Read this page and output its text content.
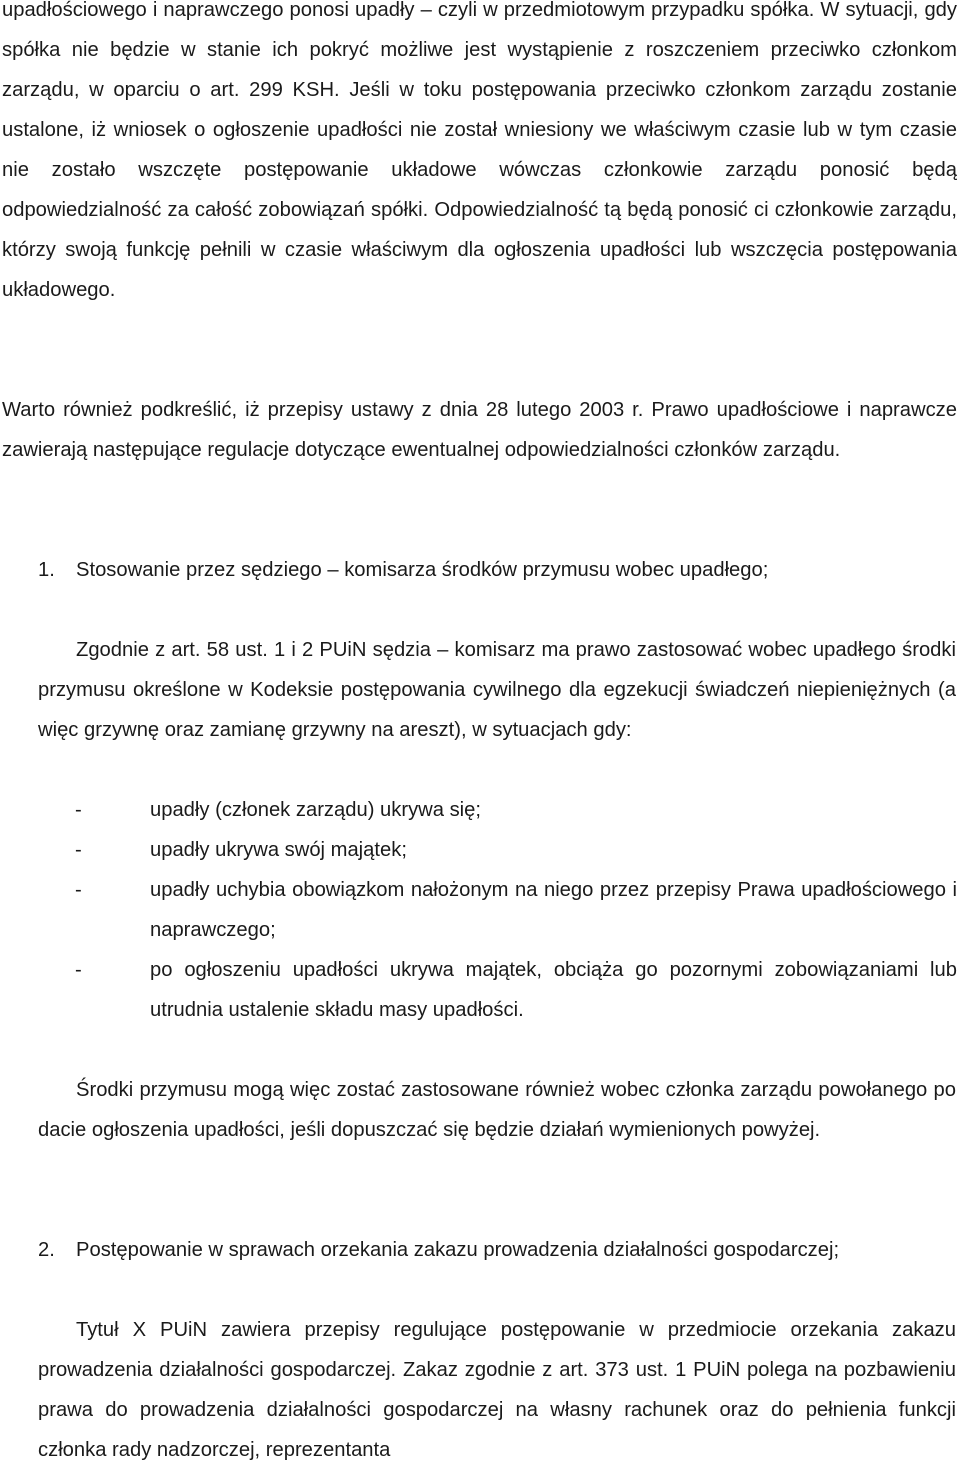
upadłościowego i naprawczego ponosi upadły – czyli w przedmiotowym przypadku spółka. W sytuacji, gdy spółka nie będzie w stanie ich pokryć możliwe jest wystąpienie z roszczeniem przeciwko członkom zarządu, w oparciu o art. 299 KSH. Jeśli w toku postępowania przeciwko członkom zarządu zostanie ustalone, iż wniosek o ogłoszenie upadłości nie został wniesiony we właściwym czasie lub w tym czasie nie zostało wszczęte postępowanie układowe wówczas członkowie zarządu ponosić będą odpowiedzialność za całość zobowiązań spółki. Odpowiedzialność tą będą ponosić ci członkowie zarządu, którzy swoją funkcję pełnili w czasie właściwym dla ogłoszenia upadłości lub wszczęcia postępowania układowego.

Warto również podkreślić, iż przepisy ustawy z dnia 28 lutego 2003 r. Prawo upadłościowe i naprawcze zawierają następujące regulacje dotyczące ewentualnej odpowiedzialności członków zarządu.

1.	Stosowanie przez sędziego – komisarza środków przymusu wobec upadłego;

Zgodnie z art. 58 ust. 1 i 2 PUiN sędzia – komisarz ma prawo zastosować wobec upadłego środki przymusu określone w Kodeksie postępowania cywilnego dla egzekucji świadczeń niepieniężnych (a więc grzywnę oraz zamianę grzywny na areszt), w sytuacjach gdy:

-	upadły (członek zarządu) ukrywa się;
-	upadły ukrywa swój majątek;
-	upadły uchybia obowiązkom nałożonym na niego przez przepisy Prawa upadłościowego i naprawczego;
-	po ogłoszeniu upadłości ukrywa majątek, obciąża go pozornymi zobowiązaniami lub utrudnia ustalenie składu masy upadłości.

Środki przymusu mogą więc zostać zastosowane również wobec członka zarządu powołanego po dacie ogłoszenia upadłości, jeśli dopuszczać się będzie działań wymienionych powyżej.

2.	Postępowanie w sprawach orzekania zakazu prowadzenia działalności gospodarczej;

Tytuł X PUiN zawiera przepisy regulujące postępowanie w przedmiocie orzekania zakazu prowadzenia działalności gospodarczej. Zakaz zgodnie z art. 373 ust. 1 PUiN polega na pozbawieniu prawa do prowadzenia działalności gospodarczej na własny rachunek oraz do pełnienia funkcji członka rady nadzorczej, reprezentanta
